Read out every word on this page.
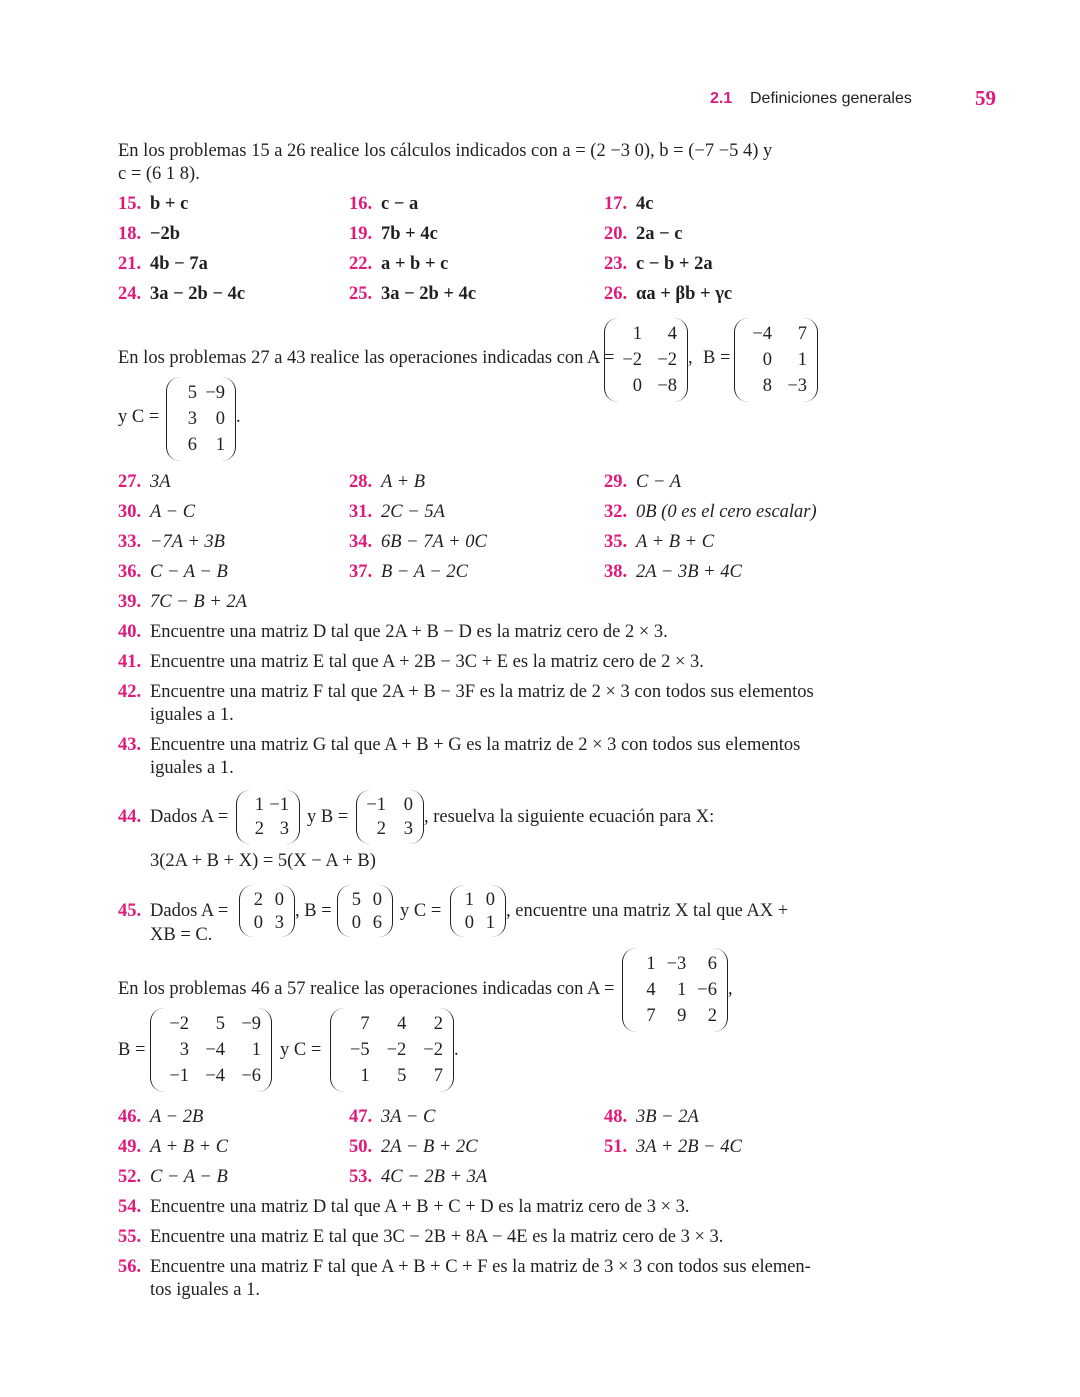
2.1 Definiciones generales	59
En los problemas 15 a 26 realice los cálculos indicados con a = (2 −3 0), b = (−7 −5 4) y
c = (6 1 8).
15. b + c	16. c − a	17. 4c
18. −2b	19. 7b + 4c	20. 2a − c
21. 4b − 7a	22. a + b + c	23. c − b + 2a
24. 3a − 2b − 4c	25. 3a − 2b + 4c	26. αa + βb + γc
En los problemas 27 a 43 realice las operaciones indicadas con A =
1	4
−2 −2
0 −8
, B =
−4	7
0	1
8 −3
y C =
5 −9
3	0
6	1
.
27. 3A	28. A + B	29. C − A
30. A − C	31. 2C − 5A	32. 0B (0 es el cero escalar)
33. −7A + 3B	34. 6B − 7A + 0C	35. A + B + C
36. C − A − B	37. B − A − 2C	38. 2A − 3B + 4C
39. 7C − B + 2A
40. Encuentre una matriz D tal que 2A + B − D es la matriz cero de 2 × 3.
41. Encuentre una matriz E tal que A + 2B − 3C + E es la matriz cero de 2 × 3.
42. Encuentre una matriz F tal que 2A + B − 3F es la matriz de 2 × 3 con todos sus elementos
iguales a 1.
43. Encuentre una matriz G tal que A + B + G es la matriz de 2 × 3 con todos sus elementos
iguales a 1.
44. Dados A =
1 −1
2 3
y B =
−1 0
2 3
, resuelva la siguiente ecuación para X:
3(2A + B + X) = 5(X − A + B)
45. Dados A =
2 0
0 3
, B =
5 0
0 6
y C =
1 0
0 1
, encuentre una matriz X tal que AX +
XB = C.
En los problemas 46 a 57 realice las operaciones indicadas con A =
1 −3	6
4	1 −6
7	9	2
,
B =
−2	5 −9
3 −4	1
−1 −4 −6
y C =
7	4	2
−5 −2 −2
1	5	7
.
46. A − 2B	47. 3A − C	48. 3B − 2A
49. A + B + C	50. 2A − B + 2C	51. 3A + 2B − 4C
52. C − A − B	53. 4C − 2B + 3A
54. Encuentre una matriz D tal que A + B + C + D es la matriz cero de 3 × 3.
55. Encuentre una matriz E tal que 3C − 2B + 8A − 4E es la matriz cero de 3 × 3.
56. Encuentre una matriz F tal que A + B + C + F es la matriz de 3 × 3 con todos sus elemen-
tos iguales a 1.
